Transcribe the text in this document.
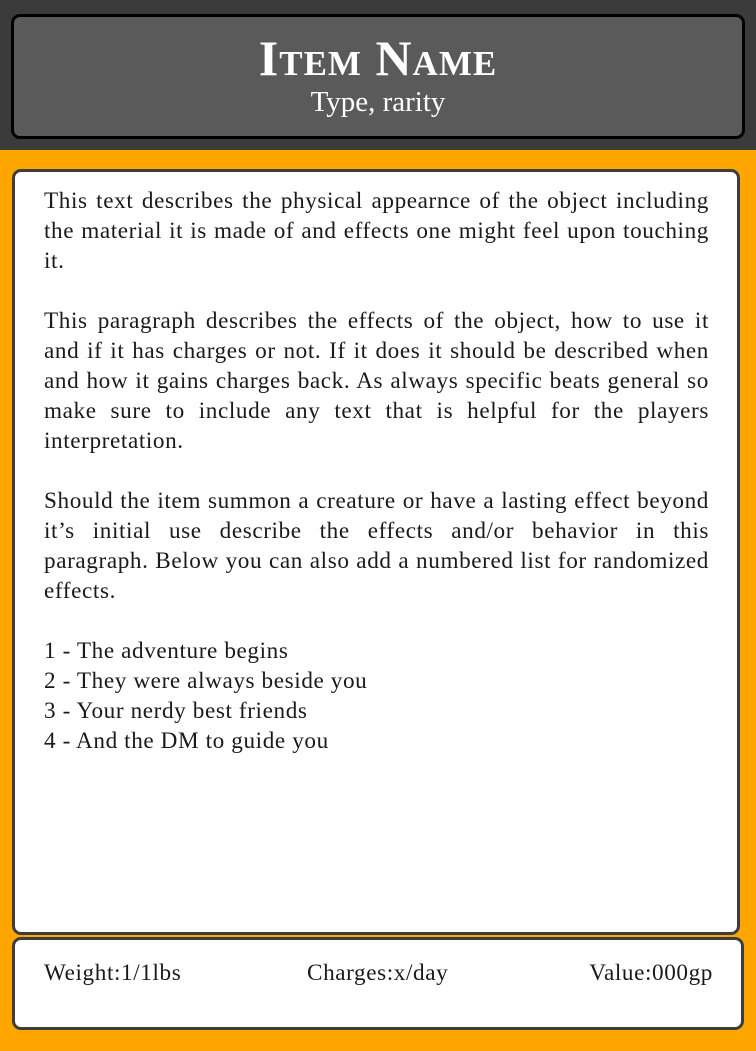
Item Name
Type, rarity

This text describes the physical appearnce of the object including the material it is made of and effects one might feel upon touching it.

This paragraph describes the effects of the object, how to use it and if it has charges or not. If it does it should be described when and how it gains charges back. As always specific beats general so make sure to include any text that is helpful for the players interpretation.

Should the item summon a creature or have a lasting effect beyond it’s initial use describe the effects and/or behavior in this paragraph. Below you can also add a numbered list for randomized effects.

1 - The adventure begins
2 - They were always beside you
3 - Your nerdy best friends
4 - And the DM to guide you
Weight:1/1lbs	Charges:x/day	Value:000gp
